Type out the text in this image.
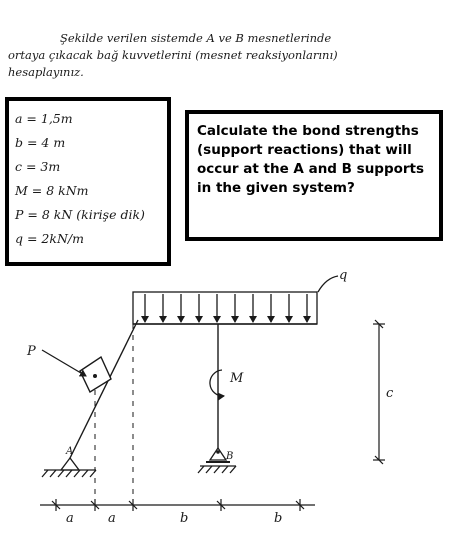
Şekilde verilen sistemde A ve B mesnetlerinde
ortaya çıkacak bağ kuvvetlerini (mesnet reaksiyonlarını)
hesaplayınız.
a = 1,5m
b = 4 m
c = 3m
M = 8 kNm
P = 8 kN (kirişe dik)
q = 2kN/m
Calculate the bond strengths (support reactions) that will occur at the A and B supports in the given system?
q
P
A
M
B
c
a	a	b	b
